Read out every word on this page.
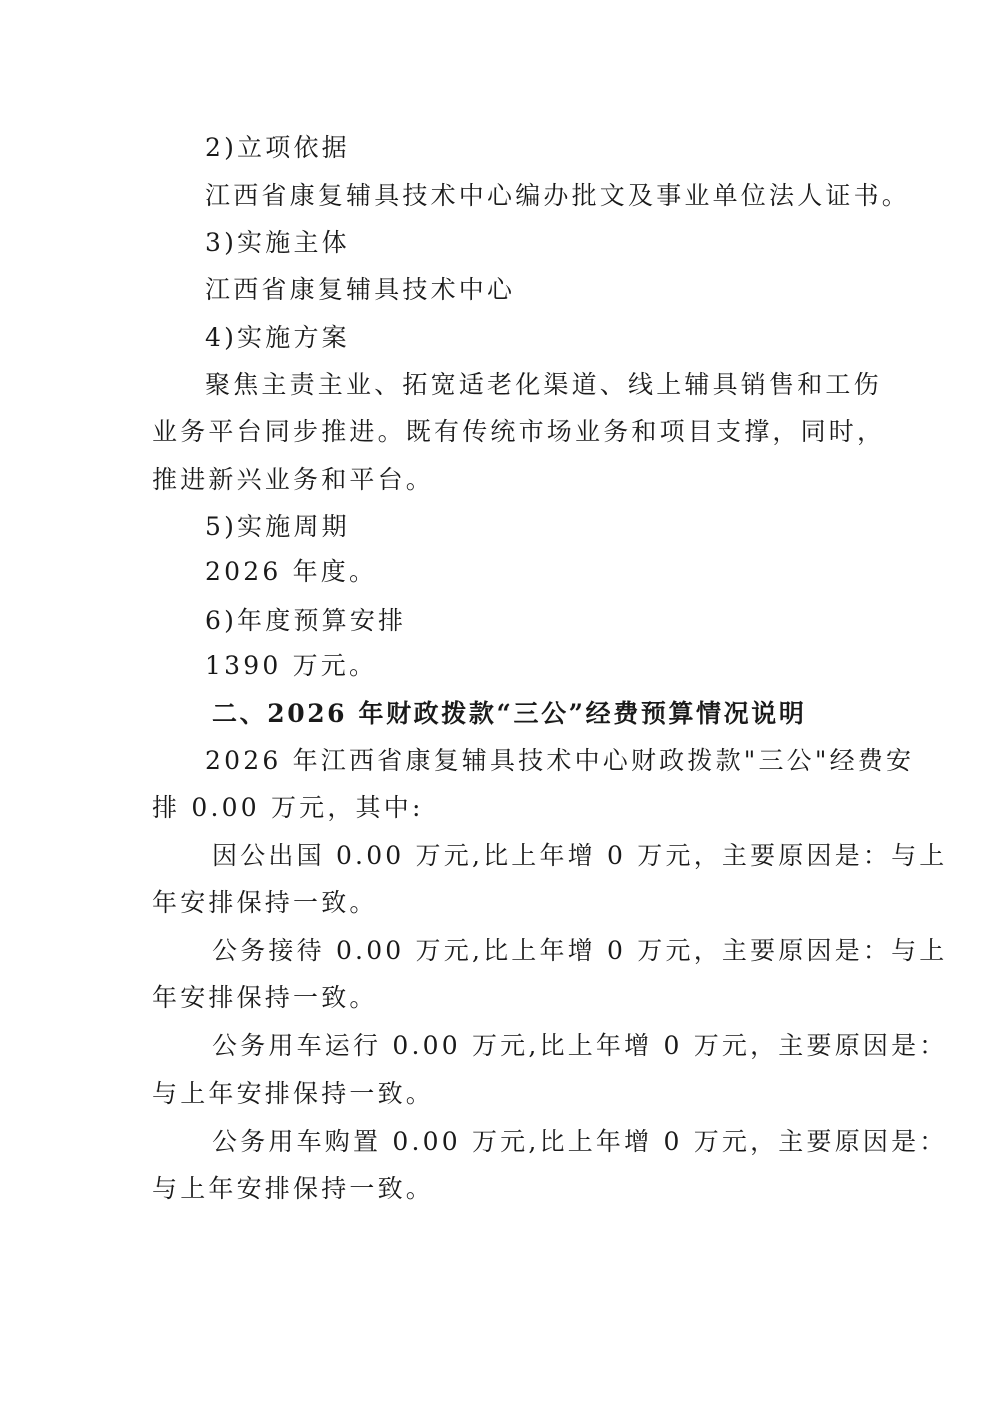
2)立项依据
江西省康复辅具技术中心编办批文及事业单位法人证书。
3)实施主体
江西省康复辅具技术中心
4)实施方案
聚焦主责主业、拓宽适老化渠道、线上辅具销售和工伤
业务平台同步推进。既有传统市场业务和项目支撑，同时，
推进新兴业务和平台。
5)实施周期
2026 年度。
6)年度预算安排
1390 万元。
二、2026 年财政拨款“三公”经费预算情况说明
2026 年江西省康复辅具技术中心财政拨款"三公"经费安
排 0.00 万元，其中:
因公出国 0.00 万元,比上年增 0 万元，主要原因是：与上
年安排保持一致。
公务接待 0.00 万元,比上年增 0 万元，主要原因是：与上
年安排保持一致。
公务用车运行 0.00 万元,比上年增 0 万元，主要原因是：
与上年安排保持一致。
公务用车购置 0.00 万元,比上年增 0 万元，主要原因是：
与上年安排保持一致。
